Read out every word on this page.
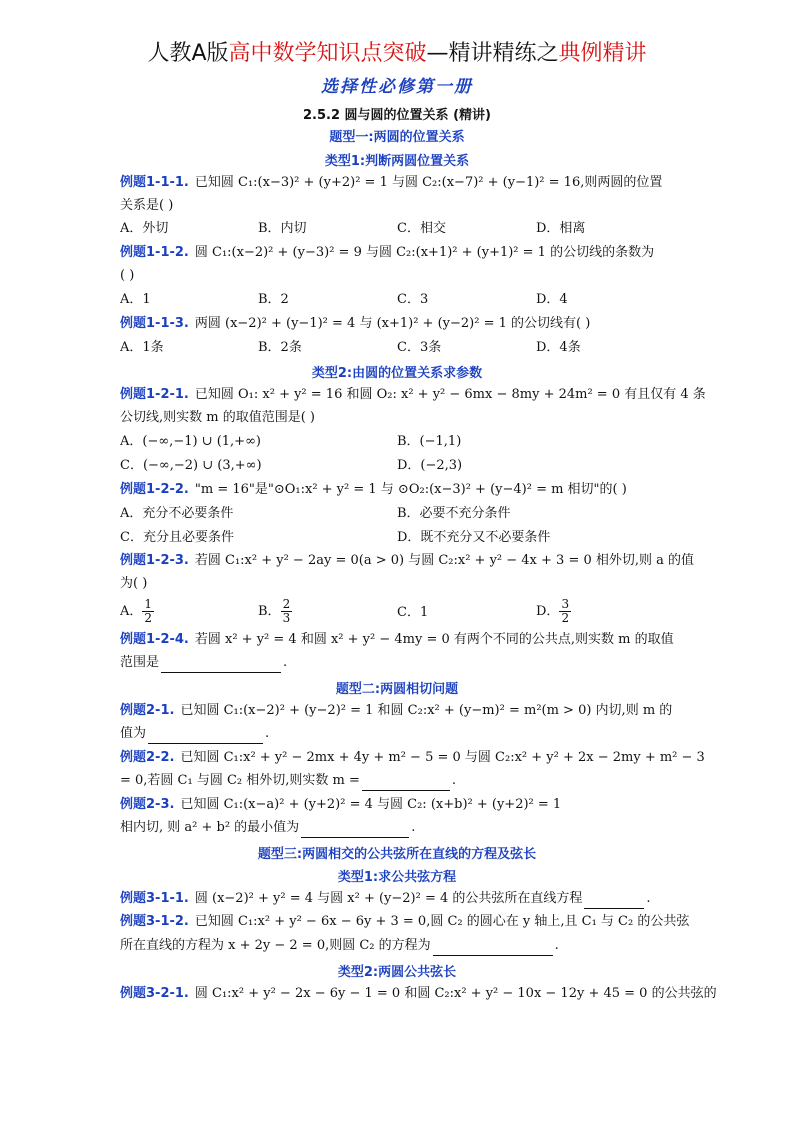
人教A版高中数学知识点突破—精讲精练之典例精讲
选择性必修第一册
2.5.2 圆与圆的位置关系 (精讲)
题型一:两圆的位置关系
类型1:判断两圆位置关系
例题1-1-1. 已知圆 C₁:(x−3)² + (y+2)² = 1 与圆 C₂:(x−7)² + (y−1)² = 16,则两圆的位置
关系是( )
A．外切	B．内切	C．相交	D．相离
例题1-1-2. 圆 C₁:(x−2)² + (y−3)² = 9 与圆 C₂:(x+1)² + (y+1)² = 1 的公切线的条数为
( )
A．1	B．2	C．3	D．4
例题1-1-3. 两圆 (x−2)² + (y−1)² = 4 与 (x+1)² + (y−2)² = 1 的公切线有( )
A．1条	B．2条	C．3条	D．4条
类型2:由圆的位置关系求参数
例题1-2-1. 已知圆 O₁: x² + y² = 16 和圆 O₂: x² + y² − 6mx − 8my + 24m² = 0 有且仅有 4 条
公切线,则实数 m 的取值范围是( )
A．(−∞,−1) ∪ (1,+∞)	B．(−1,1)
C．(−∞,−2) ∪ (3,+∞)	D．(−2,3)
例题1-2-2. "m = 16"是"⊙O₁:x² + y² = 1 与 ⊙O₂:(x−3)² + (y−4)² = m 相切"的( )
A．充分不必要条件	B．必要不充分条件
C．充分且必要条件	D．既不充分又不必要条件
例题1-2-3. 若圆 C₁:x² + y² − 2ay = 0(a > 0) 与圆 C₂:x² + y² − 4x + 3 = 0 相外切,则 a 的值
为( )
A． $\frac{1}{2}$	B． $\frac{2}{3}$	C．1	D． $\frac{3}{2}$
例题1-2-4. 若圆 x² + y² = 4 和圆 x² + y² − 4my = 0 有两个不同的公共点,则实数 m 的取值
范围是	.
题型二:两圆相切问题
例题2-1. 已知圆 C₁:(x−2)² + (y−2)² = 1 和圆 C₂:x² + (y−m)² = m²(m > 0) 内切,则 m 的
值为	.
例题2-2. 已知圆 C₁:x² + y² − 2mx + 4y + m² − 5 = 0 与圆 C₂:x² + y² + 2x − 2my + m² − 3
= 0,若圆 C₁ 与圆 C₂ 相外切,则实数 m =	.
例题2-3. 已知圆 C₁:(x−a)² + (y+2)² = 4 与圆 C₂: (x+b)² + (y+2)² = 1
相内切, 则 a² + b² 的最小值为	.
题型三:两圆相交的公共弦所在直线的方程及弦长
类型1:求公共弦方程
例题3-1-1. 圆 (x−2)² + y² = 4 与圆 x² + (y−2)² = 4 的公共弦所在直线方程	.
例题3-1-2. 已知圆 C₁:x² + y² − 6x − 6y + 3 = 0,圆 C₂ 的圆心在 y 轴上,且 C₁ 与 C₂ 的公共弦
所在直线的方程为 x + 2y − 2 = 0,则圆 C₂ 的方程为	.
类型2:两圆公共弦长
例题3-2-1. 圆 C₁:x² + y² − 2x − 6y − 1 = 0 和圆 C₂:x² + y² − 10x − 12y + 45 = 0 的公共弦的
